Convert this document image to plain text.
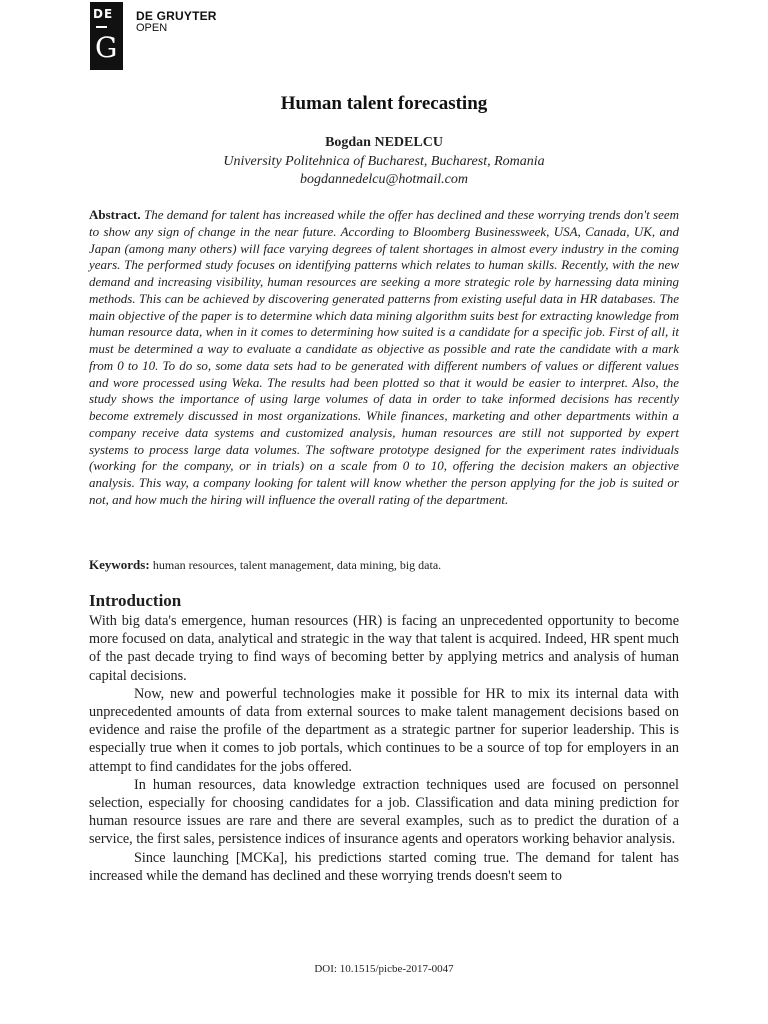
DE
G
DE GRUYTER
OPEN
Human talent forecasting
Bogdan NEDELCU
University Politehnica of Bucharest, Bucharest, Romania
bogdannedelcu@hotmail.com
Abstract. The demand for talent has increased while the offer has declined and these worrying trends don't seem to show any sign of change in the near future. According to Bloomberg Businessweek, USA, Canada, UK, and Japan (among many others) will face varying degrees of talent shortages in almost every industry in the coming years. The performed study focuses on identifying patterns which relates to human skills. Recently, with the new demand and increasing visibility, human resources are seeking a more strategic role by harnessing data mining methods. This can be achieved by discovering generated patterns from existing useful data in HR databases. The main objective of the paper is to determine which data mining algorithm suits best for extracting knowledge from human resource data, when in it comes to determining how suited is a candidate for a specific job. First of all, it must be determined a way to evaluate a candidate as objective as possible and rate the candidate with a mark from 0 to 10. To do so, some data sets had to be generated with different numbers of values or different values and wore processed using Weka. The results had been plotted so that it would be easier to interpret. Also, the study shows the importance of using large volumes of data in order to take informed decisions has recently become extremely discussed in most organizations. While finances, marketing and other departments within a company receive data systems and customized analysis, human resources are still not supported by expert systems to process large data volumes. The software prototype designed for the experiment rates individuals (working for the company, or in trials) on a scale from 0 to 10, offering the decision makers an objective analysis. This way, a company looking for talent will know whether the person applying for the job is suited or not, and how much the hiring will influence the overall rating of the department.
Keywords: human resources, talent management, data mining, big data.
Introduction

With big data's emergence, human resources (HR) is facing an unprecedented opportunity to become more focused on data, analytical and strategic in the way that talent is acquired. Indeed, HR spent much of the past decade trying to find ways of becoming better by applying metrics and analysis of human capital decisions.

Now, new and powerful technologies make it possible for HR to mix its internal data with unprecedented amounts of data from external sources to make talent management decisions based on evidence and raise the profile of the department as a strategic partner for superior leadership. This is especially true when it comes to job portals, which continues to be a source of top for employers in an attempt to find candidates for the jobs offered.

In human resources, data knowledge extraction techniques used are focused on personnel selection, especially for choosing candidates for a job. Classification and data mining prediction for human resource issues are rare and there are several examples, such as to predict the duration of a service, the first sales, persistence indices of insurance agents and operators working behavior analysis.

Since launching [MCKa], his predictions started coming true. The demand for talent has increased while the demand has declined and these worrying trends doesn't seem to

DOI: 10.1515/picbe-2017-0047
